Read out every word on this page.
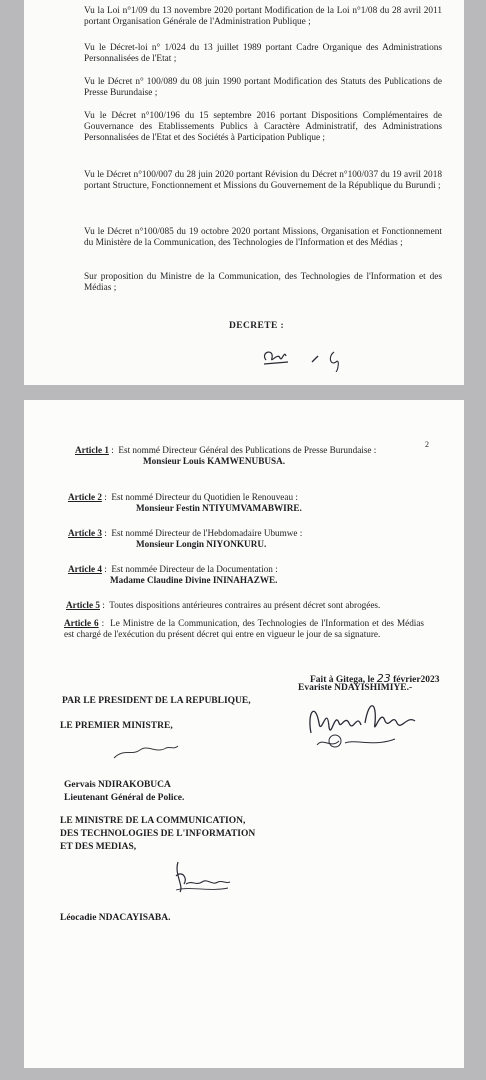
Vu la Loi n°1/09 du 13 novembre 2020 portant Modification de la Loi n°1/08 du 28 avril 2011 portant Organisation Générale de l'Administration Publique ;

Vu le Décret-loi n° 1/024 du 13 juillet 1989 portant Cadre Organique des Administrations Personnalisées de l'Etat ;

Vu le Décret n° 100/089 du 08 juin 1990 portant Modification des Statuts des Publications de Presse Burundaise ;

Vu le Décret n°100/196 du 15 septembre 2016 portant Dispositions Complémentaires de Gouvernance des Etablissements Publics à Caractère Administratif, des Administrations Personnalisées de l'Etat et des Sociétés à Participation Publique ;

Vu le Décret n°100/007 du 28 juin 2020 portant Révision du Décret n°100/037 du 19 avril 2018 portant Structure, Fonctionnement et Missions du Gouvernement de la République du Burundi ;

Vu le Décret n°100/085 du 19 octobre 2020 portant Missions, Organisation et Fonctionnement du Ministère de la Communication, des Technologies de l'Information et des Médias ;

Sur proposition du Ministre de la Communication, des Technologies de l'Information et des Médias ;

DECRETE :
2
Article 1 : Est nommé Directeur Général des Publications de Presse Burundaise :
Monsieur Louis KAMWENUBUSA.
Article 2 : Est nommé Directeur du Quotidien le Renouveau :
Monsieur Festin NTIYUMVAMABWIRE.
Article 3 : Est nommé Directeur de l'Hebdomadaire Ubumwe :
Monsieur Longin NIYONKURU.
Article 4 : Est nommée Directeur de la Documentation :
Madame Claudine Divine ININAHAZWE.
Article 5 : Toutes dispositions antérieures contraires au présent décret sont abrogées.
Article 6 : Le Ministre de la Communication, des Technologies de l'Information et des Médias est chargé de l'exécution du présent décret qui entre en vigueur le jour de sa signature.
Fait à Gitega, le 23 février2023
Evariste NDAYISHIMIYE.-
PAR LE PRESIDENT DE LA REPUBLIQUE,
LE PREMIER MINISTRE,
Gervais NDIRAKOBUCA
Lieutenant Général de Police.
LE MINISTRE DE LA COMMUNICATION,
DES TECHNOLOGIES DE L'INFORMATION
ET DES MEDIAS,
Léocadie NDACAYISABA.
